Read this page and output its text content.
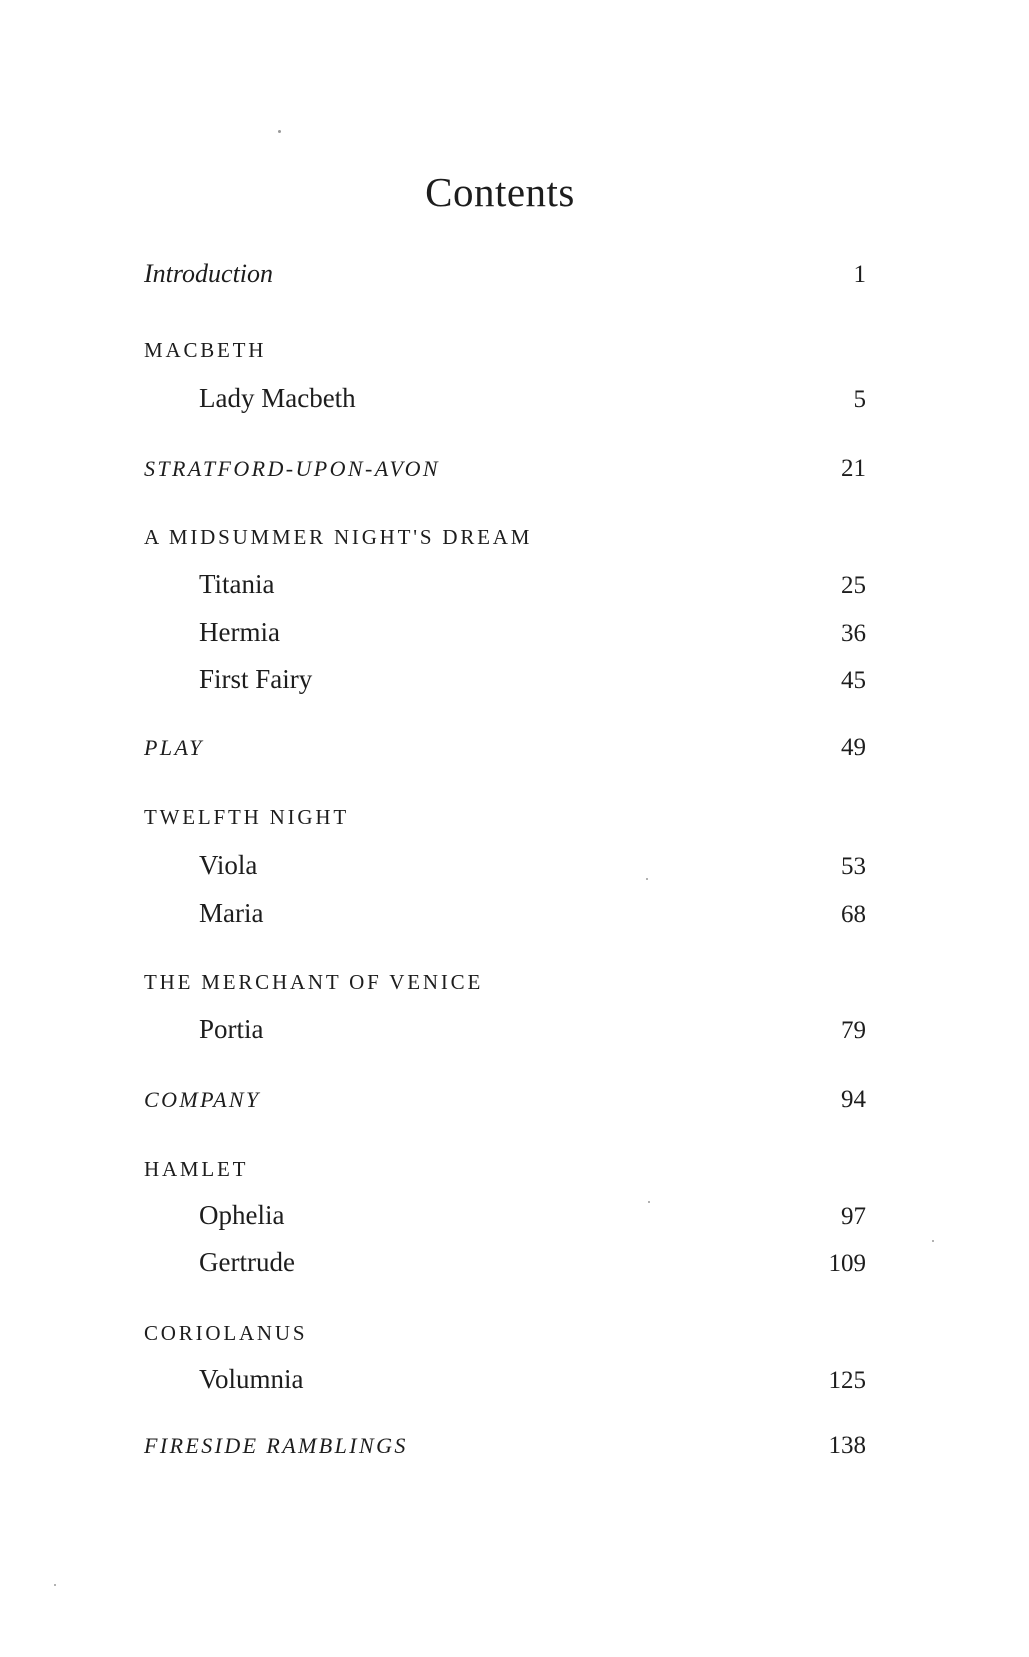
Contents
Introduction	1
MACBETH
Lady Macbeth	5
STRATFORD-UPON-AVON	21
A MIDSUMMER NIGHT'S DREAM
Titania	25
Hermia	36
First Fairy	45
PLAY	49
TWELFTH NIGHT
Viola	53
Maria	68
THE MERCHANT OF VENICE
Portia	79
COMPANY	94
HAMLET
Ophelia	97
Gertrude	109
CORIOLANUS
Volumnia	125
FIRESIDE RAMBLINGS	138
